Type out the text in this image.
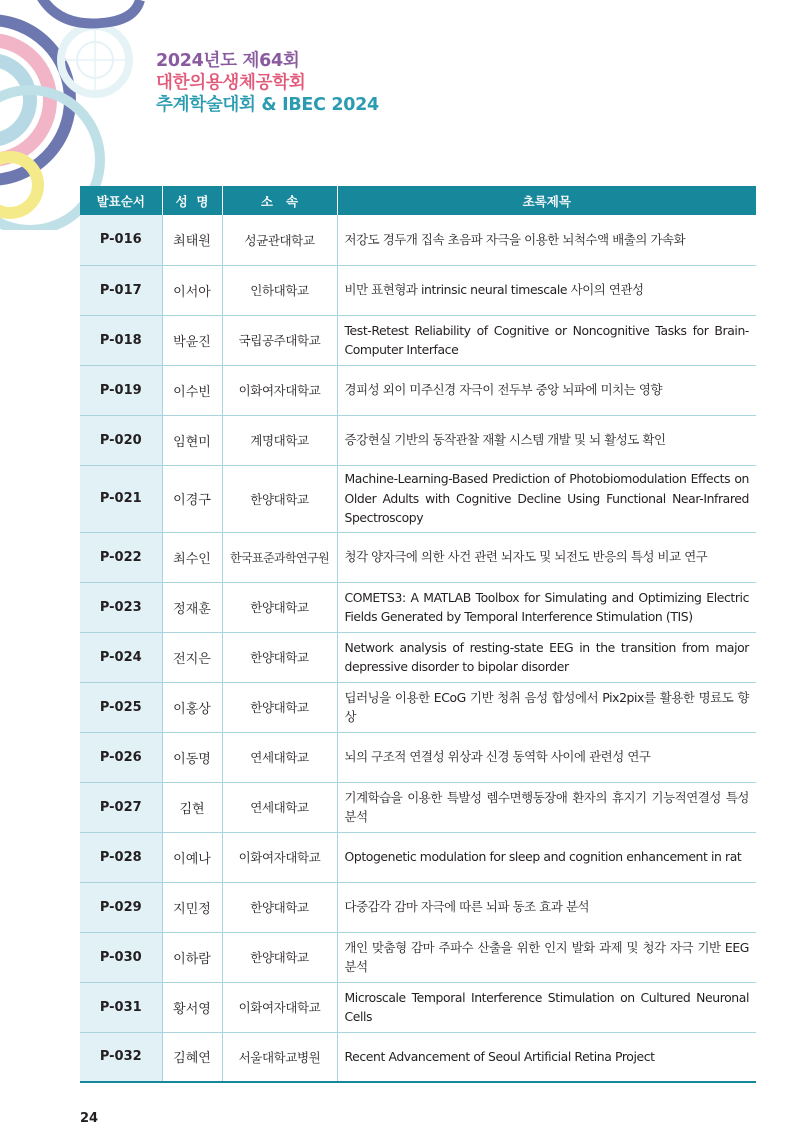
2024년도 제64회
대한의용생체공학회
추계학술대회 & IBEC 2024
발표순서	성  명	소   속	초록제목
P-016	최태원	성균관대학교	저강도 경두개 집속 초음파 자극을 이용한 뇌척수액 배출의 가속화
P-017	이서아	인하대학교	비만 표현형과 intrinsic neural timescale 사이의 연관성
P-018	박윤진	국립공주대학교	Test-Retest Reliability of Cognitive or Noncognitive Tasks for Brain-Computer Interface
P-019	이수빈	이화여자대학교	경피성 외이 미주신경 자극이 전두부 중앙 뇌파에 미치는 영향
P-020	임현미	계명대학교	증강현실 기반의 동작관찰 재활 시스템 개발 및 뇌 활성도 확인
P-021	이경구	한양대학교	Machine-Learning-Based Prediction of Photobiomodulation Effects on Older Adults with Cognitive Decline Using Functional Near-Infrared Spectroscopy
P-022	최수인	한국표준과학연구원	청각 양자극에 의한 사건 관련 뇌자도 및 뇌전도 반응의 특성 비교 연구
P-023	정재훈	한양대학교	COMETS3: A MATLAB Toolbox for Simulating and Optimizing Electric Fields Generated by Temporal Interference Stimulation (TIS)
P-024	전지은	한양대학교	Network analysis of resting-state EEG in the transition from major depressive disorder to bipolar disorder
P-025	이홍상	한양대학교	딥러닝을 이용한 ECoG 기반 청취 음성 합성에서 Pix2pix를 활용한 명료도 향상
P-026	이동명	연세대학교	뇌의 구조적 연결성 위상과 신경 동역학 사이에 관련성 연구
P-027	김현	연세대학교	기계학습을 이용한 특발성 렘수면행동장애 환자의 휴지기 기능적연결성 특성 분석
P-028	이예나	이화여자대학교	Optogenetic modulation for sleep and cognition enhancement in rat
P-029	지민정	한양대학교	다중감각 감마 자극에 따른 뇌파 동조 효과 분석
P-030	이하람	한양대학교	개인 맞춤형 감마 주파수 산출을 위한 인지 발화 과제 및 청각 자극 기반 EEG 분석
P-031	황서영	이화여자대학교	Microscale Temporal Interference Stimulation on Cultured Neuronal Cells
P-032	김혜연	서울대학교병원	Recent Advancement of Seoul Artificial Retina Project
24
